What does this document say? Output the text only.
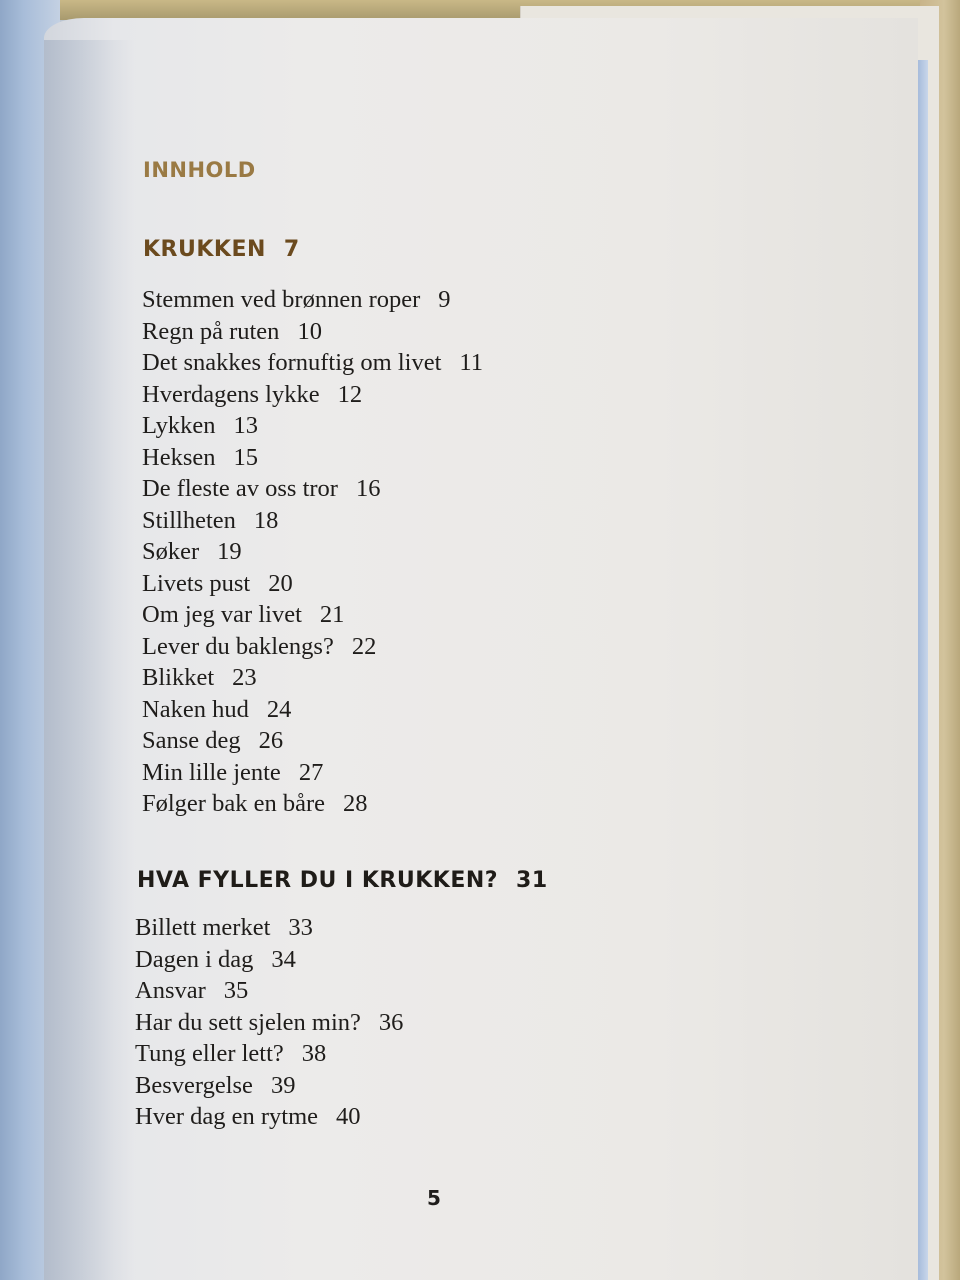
INNHOLD
KRUKKEN 7
Stemmen ved brønnen roper 9
Regn på ruten 10
Det snakkes fornuftig om livet 11
Hverdagens lykke 12
Lykken 13
Heksen 15
De fleste av oss tror 16
Stillheten 18
Søker 19
Livets pust 20
Om jeg var livet 21
Lever du baklengs? 22
Blikket 23
Naken hud 24
Sanse deg 26
Min lille jente 27
Følger bak en båre 28
HVA FYLLER DU I KRUKKEN? 31
Billett merket 33
Dagen i dag 34
Ansvar 35
Har du sett sjelen min? 36
Tung eller lett? 38
Besvergelse 39
Hver dag en rytme 40
5
